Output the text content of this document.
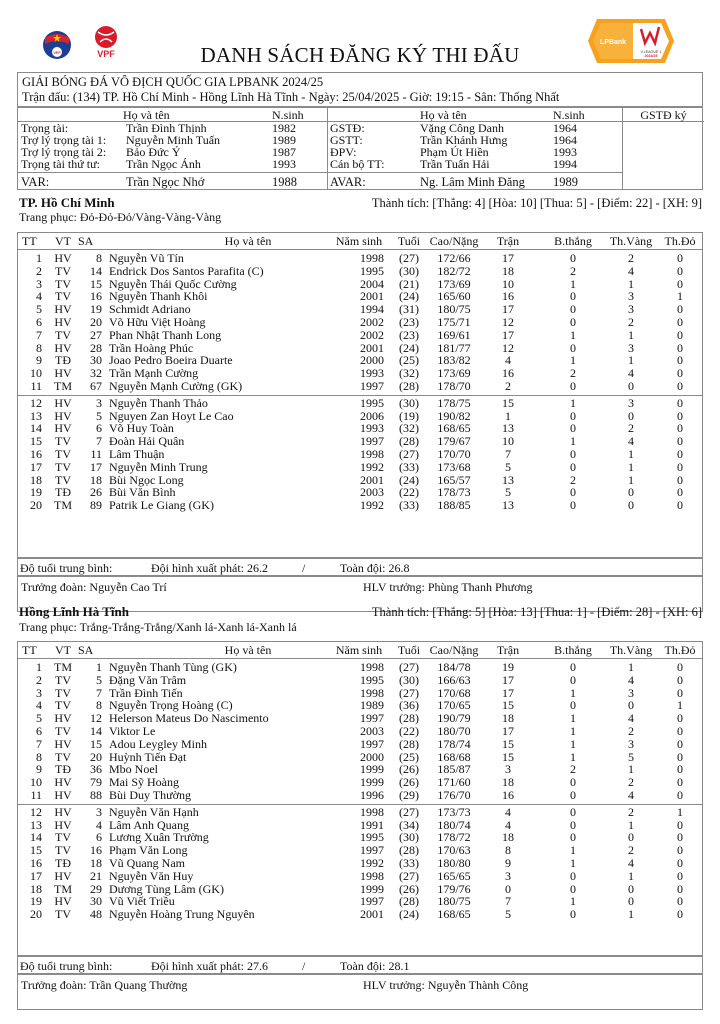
VFF	VPF	DANH SÁCH ĐĂNG KÝ THI ĐẤU
LPBank
V.LEAGUE 1
2024/25
GIẢI BÓNG ĐÁ VÔ ĐỊCH QUỐC GIA LPBANK 2024/25
Trận đấu: (134) TP. Hồ Chí Minh - Hồng Lĩnh Hà Tĩnh - Ngày: 25/04/2025 - Giờ: 19:15 - Sân: Thống Nhất
Họ và tên	N.sinh
Trọng tài:	Trần Đình Thịnh	1982
Trợ lý trọng tài 1: Nguyễn Minh Tuấn	1989
Trợ lý trọng tài 2: Bảo Đức Ý	1987
Trọng tài thứ tư: Trần Ngọc Ánh	1993
VAR:	Trần Ngọc Nhớ	1988
Họ và tên	N.sinh
GSTĐ:	Vặng Công Danh	1964
GSTT:	Trần Khánh Hưng	1964
ĐPV:	Phạm Út Hiền	1993
Cán bộ TT:	Trần Tuấn Hải	1994
AVAR:	Ng. Lâm Minh Đăng 1989
GSTĐ ký
TP. Hồ Chí Minh	Thành tích: [Thắng: 4] [Hòa: 10] [Thua: 5] - [Điểm: 22] - [XH: 9]
Trang phục: Đỏ-Đỏ-Đỏ/Vàng-Vàng-Vàng
TT	VT SA	Họ và tên	Năm sinh	Tuổi Cao/Nặng	Trận	B.thắng	Th.Vàng	Th.Đỏ
1	HV	8 Nguyễn Vũ Tín	1998	(27)	172/66	17	0	2	0
2	TV	14 Endrick Dos Santos Parafita (C)	1995	(30)	182/72	18	2	4	0
3	TV	15 Nguyễn Thái Quốc Cường	2004	(21)	173/69	10	1	1	0
4	TV	16 Nguyễn Thanh Khôi	2001	(24)	165/60	16	0	3	1
5	HV	19 Schmidt Adriano	1994	(31)	180/75	17	0	3	0
6	HV	20 Võ Hữu Việt Hoàng	2002	(23)	175/71	12	0	2	0
7	TV	27 Phan Nhật Thanh Long	2002	(23)	169/61	17	1	1	0
8	HV	28 Trần Hoàng Phúc	2001	(24)	181/77	12	0	3	0
9	TĐ	30 Joao Pedro Boeira Duarte	2000	(25)	183/82	4	1	1	0
10	HV	32 Trần Mạnh Cường	1993	(32)	173/69	16	2	4	0
11	TM	67 Nguyễn Mạnh Cường (GK)	1997	(28)	178/70	2	0	0	0
12	HV	3 Nguyễn Thanh Thảo	1995	(30)	178/75	15	1	3	0
13	HV	5 Nguyen Zan Hoyt Le Cao	2006	(19)	190/82	1	0	0	0
14	HV	6 Võ Huy Toàn	1993	(32)	168/65	13	0	2	0
15	TV	7 Đoàn Hải Quân	1997	(28)	179/67	10	1	4	0
16	TV	11 Lâm Thuận	1998	(27)	170/70	7	0	1	0
17	TV	17 Nguyễn Minh Trung	1992	(33)	173/68	5	0	1	0
18	TV	18 Bùi Ngọc Long	2001	(24)	165/57	13	2	1	0
19	TĐ	26 Bùi Văn Bình	2003	(22)	178/73	5	0	0	0
20	TM	89 Patrik Le Giang (GK)	1992	(33)	188/85	13	0	0	0
Độ tuổi trung bình:	Đội hình xuất phát: 26.2	/	Toàn đội: 26.8
Trưởng đoàn: Nguyễn Cao Trí	HLV trưởng: Phùng Thanh Phương
Hồng Lĩnh Hà Tĩnh	Thành tích: [Thắng: 5] [Hòa: 13] [Thua: 1] - [Điểm: 28] - [XH: 6]
Trang phục: Trắng-Trắng-Trắng/Xanh lá-Xanh lá-Xanh lá
TT	VT SA	Họ và tên	Năm sinh	Tuổi Cao/Nặng	Trận	B.thắng	Th.Vàng	Th.Đỏ
1	TM	1 Nguyễn Thanh Tùng (GK)	1998	(27)	184/78	19	0	1	0
2	TV	5 Đặng Văn Trâm	1995	(30)	166/63	17	0	4	0
3	TV	7 Trần Đình Tiến	1998	(27)	170/68	17	1	3	0
4	TV	8 Nguyễn Trọng Hoàng (C)	1989	(36)	170/65	15	0	0	1
5	HV	12 Helerson Mateus Do Nascimento	1997	(28)	190/79	18	1	4	0
6	TV	14 Viktor Le	2003	(22)	180/70	17	1	2	0
7	HV	15 Adou Leygley Minh	1997	(28)	178/74	15	1	3	0
8	TV	20 Huỳnh Tiến Đạt	2000	(25)	168/68	15	1	5	0
9	TĐ	36 Mbo Noel	1999	(26)	185/87	3	2	1	0
10	HV	79 Mai Sỹ Hoàng	1999	(26)	171/60	18	0	2	0
11	HV	88 Bùi Duy Thường	1996	(29)	176/70	16	0	4	0
12	HV	3 Nguyễn Văn Hạnh	1998	(27)	173/73	4	0	2	1
13	HV	4 Lâm Anh Quang	1991	(34)	180/74	4	0	1	0
14	TV	6 Lương Xuân Trường	1995	(30)	178/72	18	0	0	0
15	TV	16 Phạm Văn Long	1997	(28)	170/63	8	1	2	0
16	TĐ	18 Vũ Quang Nam	1992	(33)	180/80	9	1	4	0
17	HV	21 Nguyễn Văn Huy	1998	(27)	165/65	3	0	1	0
18	TM	29 Dương Tùng Lâm (GK)	1999	(26)	179/76	0	0	0	0
19	HV	30 Vũ Viết Triều	1997	(28)	180/75	7	1	0	0
20	TV	48 Nguyễn Hoàng Trung Nguyên	2001	(24)	168/65	5	0	1	0
Độ tuổi trung bình:	Đội hình xuất phát: 27.6	/	Toàn đội: 28.1
Trưởng đoàn: Trần Quang Thường	HLV trưởng: Nguyễn Thành Công
